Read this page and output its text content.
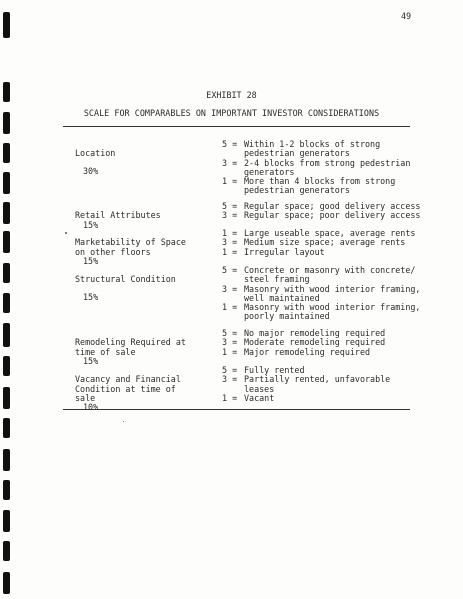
49
EXHIBIT 28
SCALE FOR COMPARABLES ON IMPORTANT INVESTOR CONSIDERATIONS

Location

30%

5 = Within 1-2 blocks of strong
pedestrian generators
3 = 2-4 blocks from strong pedestrian
generators
1 = More than 4 blocks from strong
pedestrian generators

Retail Attributes

15%

5 = Regular space; good delivery access
3 = Regular space; poor delivery access

Marketability of Space
on other floors

15%

1 = Large useable space, average rents
3 = Medium size space; average rents
1 = Irregular layout

Structural Condition

15%

5 = Concrete or masonry with concrete/
steel framing
3 = Masonry with wood interior framing,
well maintained
1 = Masonry with wood interior framing,
poorly maintained

Remodeling Required at
time of sale

15%

5 = No major remodeling required
3 = Moderate remodeling required
1 = Major remodeling required

Vacancy and Financial
Condition at time of
sale

10%

5 = Fully rented
3 = Partially rented, unfavorable leases
1 = Vacant
